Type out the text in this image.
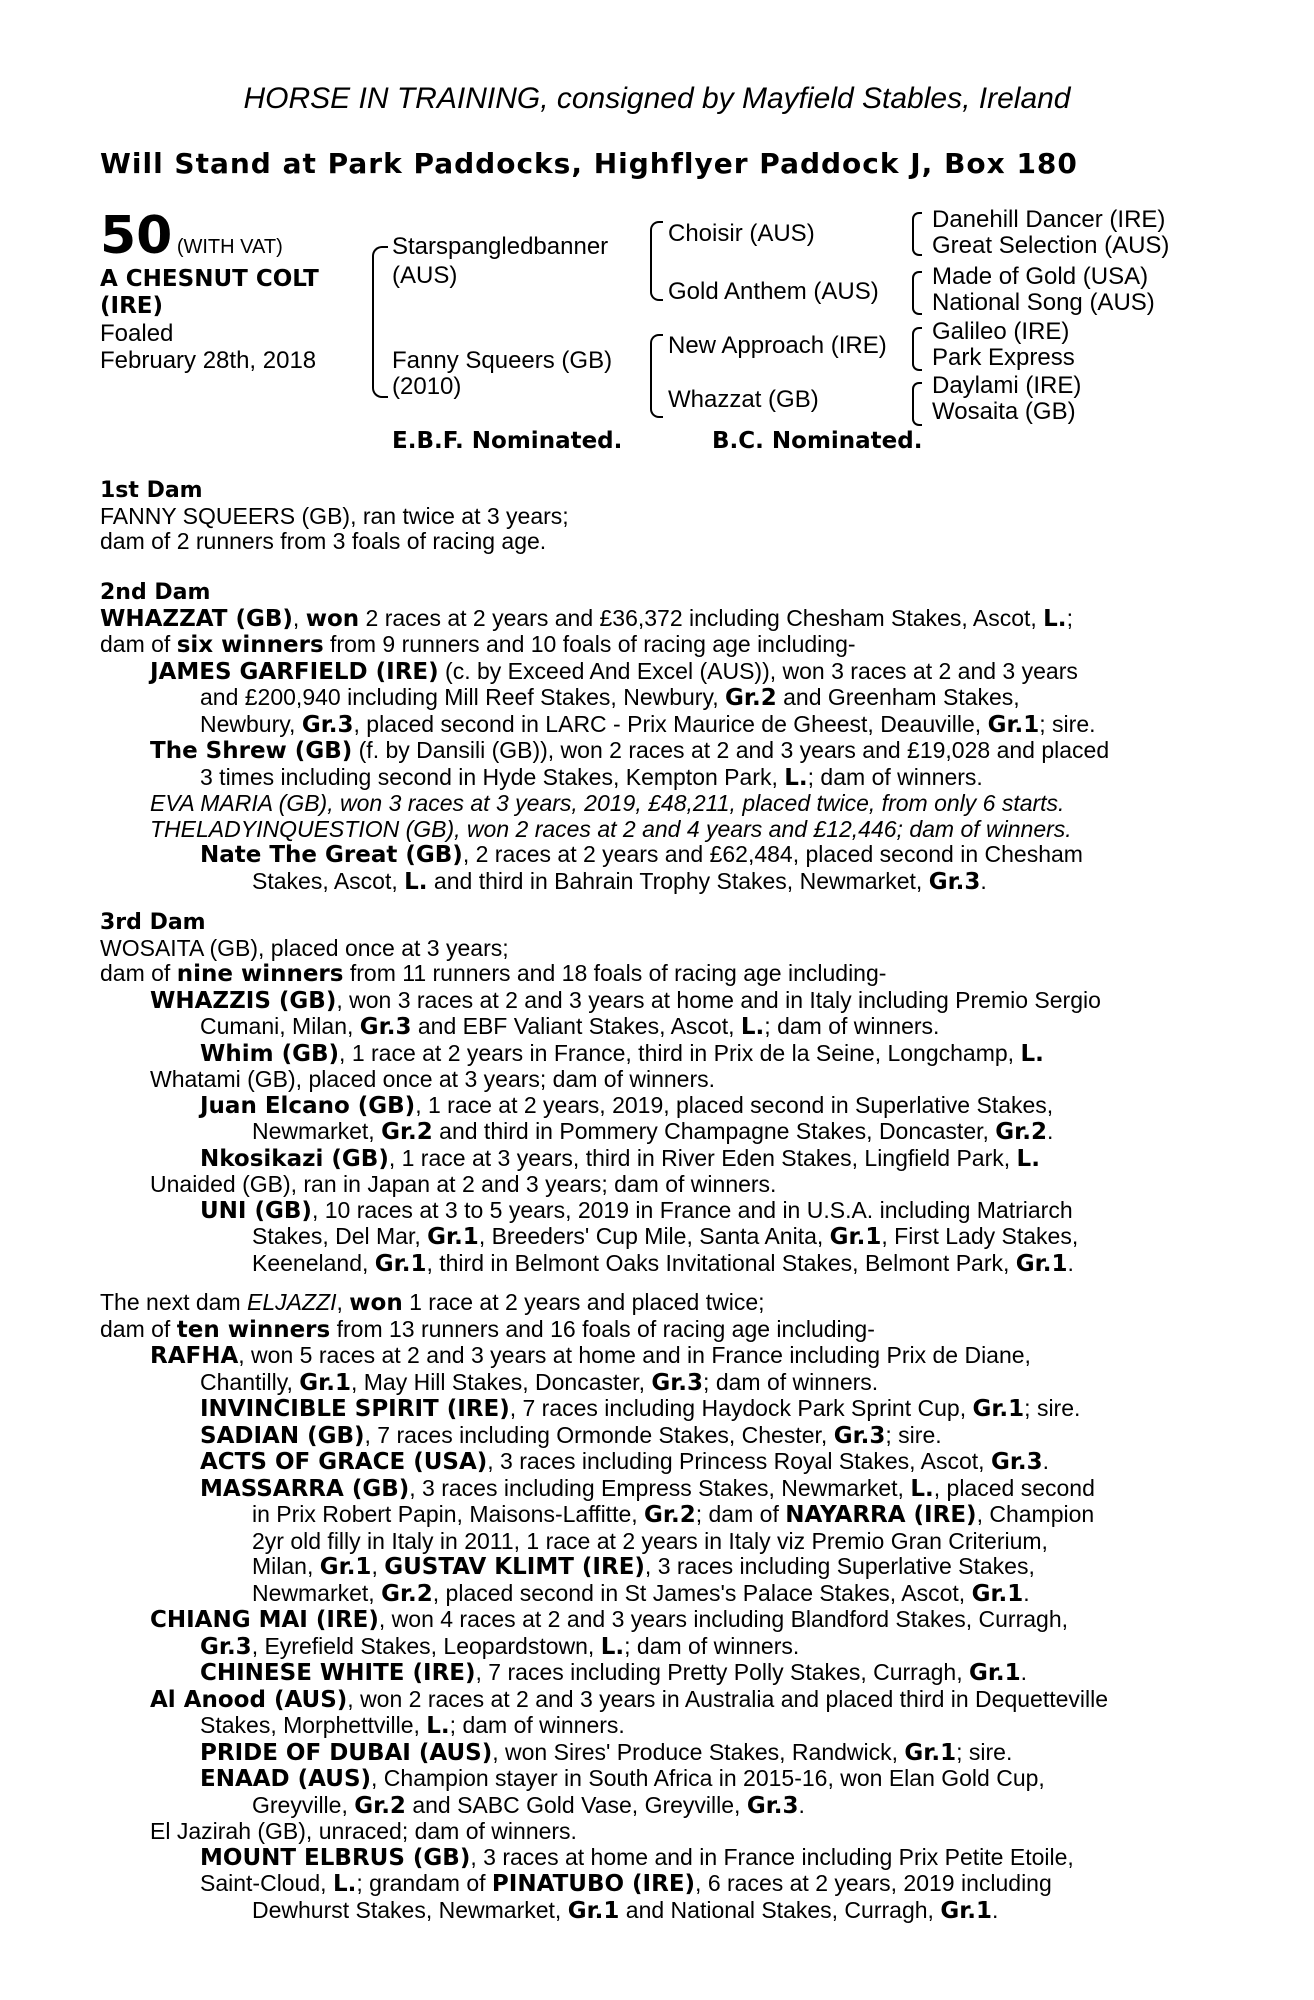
HORSE IN TRAINING, consigned by Mayfield Stables, Ireland
Will Stand at Park Paddocks, Highflyer Paddock J, Box 180
50 (WITH VAT)
A CHESNUT COLT
(IRE)
Foaled
February 28th, 2018
Starspangledbanner
(AUS)
Fanny Squeers (GB)
(2010)
Choisir (AUS)
Gold Anthem (AUS)
New Approach (IRE)
Whazzat (GB)
Danehill Dancer (IRE)
Great Selection (AUS)
Made of Gold (USA)
National Song (AUS)
Galileo (IRE)
Park Express
Daylami (IRE)
Wosaita (GB)
E.B.F. Nominated.	B.C. Nominated.
1st Dam
FANNY SQUEERS (GB), ran twice at 3 years;
dam of 2 runners from 3 foals of racing age.
2nd Dam
WHAZZAT (GB), won 2 races at 2 years and £36,372 including Chesham Stakes, Ascot, L.;
dam of six winners from 9 runners and 10 foals of racing age including-
JAMES GARFIELD (IRE) (c. by Exceed And Excel (AUS)), won 3 races at 2 and 3 years
and £200,940 including Mill Reef Stakes, Newbury, Gr.2 and Greenham Stakes,
Newbury, Gr.3, placed second in LARC - Prix Maurice de Gheest, Deauville, Gr.1; sire.
The Shrew (GB) (f. by Dansili (GB)), won 2 races at 2 and 3 years and £19,028 and placed
3 times including second in Hyde Stakes, Kempton Park, L.; dam of winners.
EVA MARIA (GB), won 3 races at 3 years, 2019, £48,211, placed twice, from only 6 starts.
THELADYINQUESTION (GB), won 2 races at 2 and 4 years and £12,446; dam of winners.
Nate The Great (GB), 2 races at 2 years and £62,484, placed second in Chesham
Stakes, Ascot, L. and third in Bahrain Trophy Stakes, Newmarket, Gr.3.
3rd Dam
WOSAITA (GB), placed once at 3 years;
dam of nine winners from 11 runners and 18 foals of racing age including-
WHAZZIS (GB), won 3 races at 2 and 3 years at home and in Italy including Premio Sergio
Cumani, Milan, Gr.3 and EBF Valiant Stakes, Ascot, L.; dam of winners.
Whim (GB), 1 race at 2 years in France, third in Prix de la Seine, Longchamp, L.
Whatami (GB), placed once at 3 years; dam of winners.
Juan Elcano (GB), 1 race at 2 years, 2019, placed second in Superlative Stakes,
Newmarket, Gr.2 and third in Pommery Champagne Stakes, Doncaster, Gr.2.
Nkosikazi (GB), 1 race at 3 years, third in River Eden Stakes, Lingfield Park, L.
Unaided (GB), ran in Japan at 2 and 3 years; dam of winners.
UNI (GB), 10 races at 3 to 5 years, 2019 in France and in U.S.A. including Matriarch
Stakes, Del Mar, Gr.1, Breeders' Cup Mile, Santa Anita, Gr.1, First Lady Stakes,
Keeneland, Gr.1, third in Belmont Oaks Invitational Stakes, Belmont Park, Gr.1.
The next dam ELJAZZI, won 1 race at 2 years and placed twice;
dam of ten winners from 13 runners and 16 foals of racing age including-
RAFHA, won 5 races at 2 and 3 years at home and in France including Prix de Diane,
Chantilly, Gr.1, May Hill Stakes, Doncaster, Gr.3; dam of winners.
INVINCIBLE SPIRIT (IRE), 7 races including Haydock Park Sprint Cup, Gr.1; sire.
SADIAN (GB), 7 races including Ormonde Stakes, Chester, Gr.3; sire.
ACTS OF GRACE (USA), 3 races including Princess Royal Stakes, Ascot, Gr.3.
MASSARRA (GB), 3 races including Empress Stakes, Newmarket, L., placed second
in Prix Robert Papin, Maisons-Laffitte, Gr.2; dam of NAYARRA (IRE), Champion
2yr old filly in Italy in 2011, 1 race at 2 years in Italy viz Premio Gran Criterium,
Milan, Gr.1, GUSTAV KLIMT (IRE), 3 races including Superlative Stakes,
Newmarket, Gr.2, placed second in St James's Palace Stakes, Ascot, Gr.1.
CHIANG MAI (IRE), won 4 races at 2 and 3 years including Blandford Stakes, Curragh,
Gr.3, Eyrefield Stakes, Leopardstown, L.; dam of winners.
CHINESE WHITE (IRE), 7 races including Pretty Polly Stakes, Curragh, Gr.1.
Al Anood (AUS), won 2 races at 2 and 3 years in Australia and placed third in Dequetteville
Stakes, Morphettville, L.; dam of winners.
PRIDE OF DUBAI (AUS), won Sires' Produce Stakes, Randwick, Gr.1; sire.
ENAAD (AUS), Champion stayer in South Africa in 2015-16, won Elan Gold Cup,
Greyville, Gr.2 and SABC Gold Vase, Greyville, Gr.3.
El Jazirah (GB), unraced; dam of winners.
MOUNT ELBRUS (GB), 3 races at home and in France including Prix Petite Etoile,
Saint-Cloud, L.; grandam of PINATUBO (IRE), 6 races at 2 years, 2019 including
Dewhurst Stakes, Newmarket, Gr.1 and National Stakes, Curragh, Gr.1.
